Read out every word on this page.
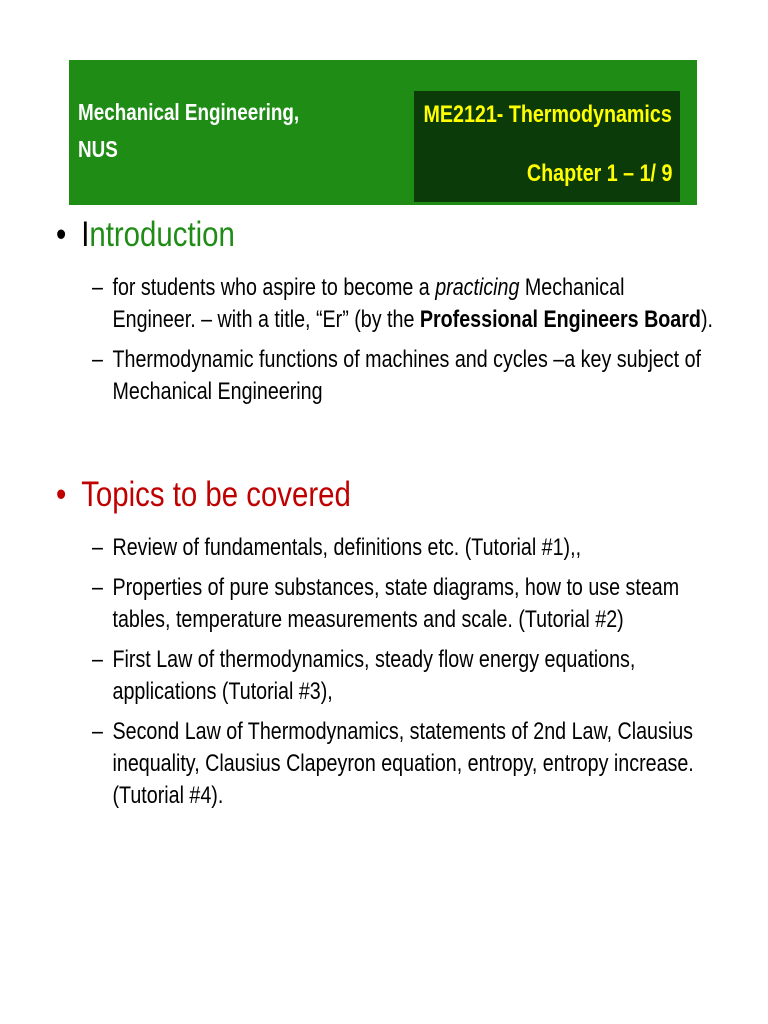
Mechanical Engineering,
NUS
ME2121- Thermodynamics
Chapter 1 – 1/ 9
• Introduction
– for students who aspire to become a practicing Mechanical
Engineer. – with a title, “Er” (by the Professional Engineers Board).
– Thermodynamic functions of machines and cycles –a key subject of
Mechanical Engineering
• Topics to be covered
– Review of fundamentals, definitions etc. (Tutorial #1),,
– Properties of pure substances, state diagrams, how to use steam
tables, temperature measurements and scale. (Tutorial #2)
– First Law of thermodynamics, steady flow energy equations,
applications (Tutorial #3),
– Second Law of Thermodynamics, statements of 2nd Law, Clausius
inequality, Clausius Clapeyron equation, entropy, entropy increase.
(Tutorial #4).
